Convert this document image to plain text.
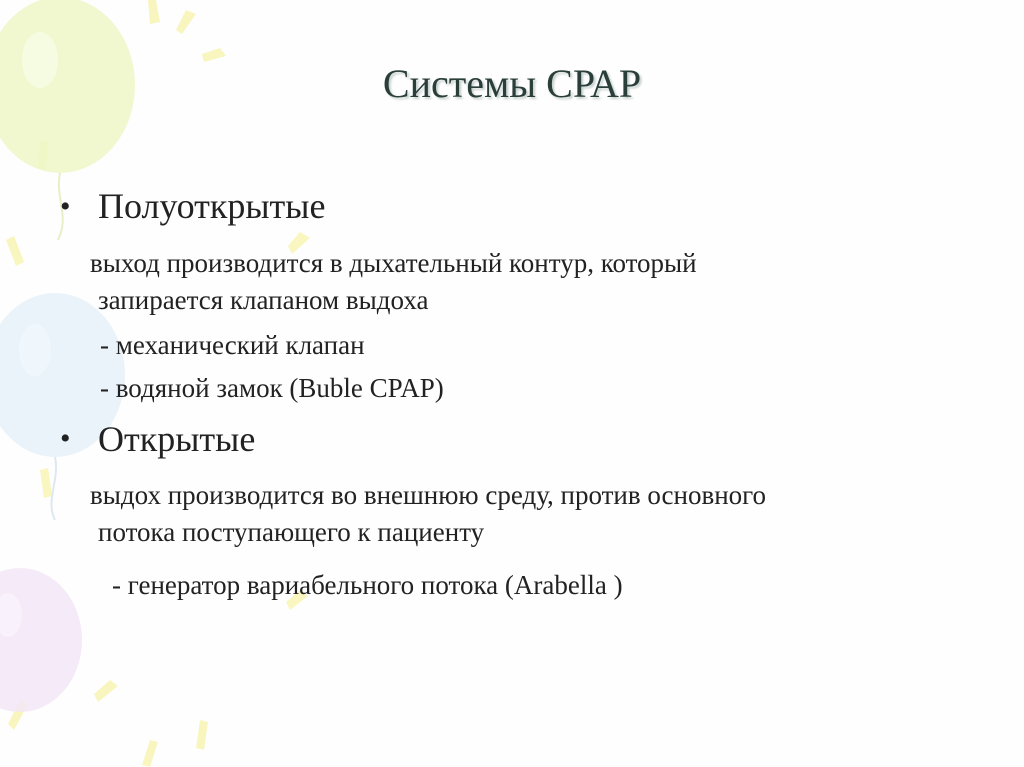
Системы СРАР
• Полуоткрытые

выход производится в дыхательный контур, который

запирается клапаном выдоха

- механический клапан

- водяной замок (Buble CPAP)

• Открытые

выдох производится во внешнюю среду, против основного

потока поступающего к пациенту

- генератор вариабельного потока (Arabella )
